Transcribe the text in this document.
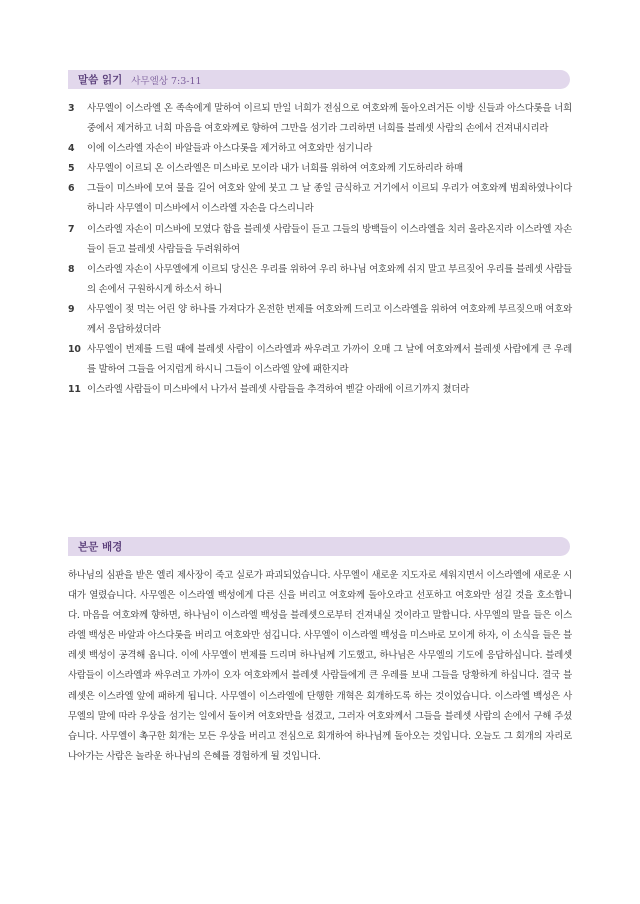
말씀 읽기 사무엘상 7:3-11
3	사무엘이 이스라엘 온 족속에게 말하여 이르되 만일 너희가 전심으로 여호와께 돌아오려거든 이방 신들과 아스다롯을 너희 중에서 제거하고 너희 마음을 여호와께로 향하여 그만을 섬기라 그리하면 너희를 블레셋 사람의 손에서 건져내시리라
4	이에 이스라엘 자손이 바알들과 아스다롯을 제거하고 여호와만 섬기니라
5	사무엘이 이르되 온 이스라엘은 미스바로 모이라 내가 너희를 위하여 여호와께 기도하리라 하매
6	그들이 미스바에 모여 물을 길어 여호와 앞에 붓고 그 날 종일 금식하고 거기에서 이르되 우리가 여호와께 범죄하였나이다 하니라 사무엘이 미스바에서 이스라엘 자손을 다스리니라
7	이스라엘 자손이 미스바에 모였다 함을 블레셋 사람들이 듣고 그들의 방백들이 이스라엘을 치러 올라온지라 이스라엘 자손들이 듣고 블레셋 사람들을 두려워하여
8	이스라엘 자손이 사무엘에게 이르되 당신은 우리를 위하여 우리 하나님 여호와께 쉬지 말고 부르짖어 우리를 블레셋 사람들의 손에서 구원하시게 하소서 하니
9	사무엘이 젖 먹는 어린 양 하나를 가져다가 온전한 번제를 여호와께 드리고 이스라엘을 위하여 여호와께 부르짖으매 여호와께서 응답하셨더라
10 사무엘이 번제를 드릴 때에 블레셋 사람이 이스라엘과 싸우려고 가까이 오매 그 날에 여호와께서 블레셋 사람에게 큰 우레를 발하여 그들을 어지럽게 하시니 그들이 이스라엘 앞에 패한지라
11 이스라엘 사람들이 미스바에서 나가서 블레셋 사람들을 추격하여 벧갈 아래에 이르기까지 쳤더라
본문 배경

하나님의 심판을 받은 엘리 제사장이 죽고 실로가 파괴되었습니다. 사무엘이 새로운 지도자로 세워지면서 이스라엘에 새로운 시대가 열렸습니다. 사무엘은 이스라엘 백성에게 다른 신을 버리고 여호와께 돌아오라고 선포하고 여호와만 섬길 것을 호소합니다. 마음을 여호와께 향하면, 하나님이 이스라엘 백성을 블레셋으로부터 건져내실 것이라고 말합니다. 사무엘의 말을 들은 이스라엘 백성은 바알과 아스다롯을 버리고 여호와만 섬깁니다. 사무엘이 이스라엘 백성을 미스바로 모이게 하자, 이 소식을 들은 블레셋 백성이 공격해 옵니다. 이에 사무엘이 번제를 드리며 하나님께 기도했고, 하나님은 사무엘의 기도에 응답하십니다. 블레셋 사람들이 이스라엘과 싸우려고 가까이 오자 여호와께서 블레셋 사람들에게 큰 우레를 보내 그들을 당황하게 하십니다. 결국 블레셋은 이스라엘 앞에 패하게 됩니다. 사무엘이 이스라엘에 단행한 개혁은 회개하도록 하는 것이었습니다. 이스라엘 백성은 사무엘의 말에 따라 우상을 섬기는 일에서 돌이켜 여호와만을 섬겼고, 그러자 여호와께서 그들을 블레셋 사람의 손에서 구해 주셨습니다. 사무엘이 촉구한 회개는 모든 우상을 버리고 전심으로 회개하여 하나님께 돌아오는 것입니다. 오늘도 그 회개의 자리로 나아가는 사람은 놀라운 하나님의 은혜를 경험하게 될 것입니다.
